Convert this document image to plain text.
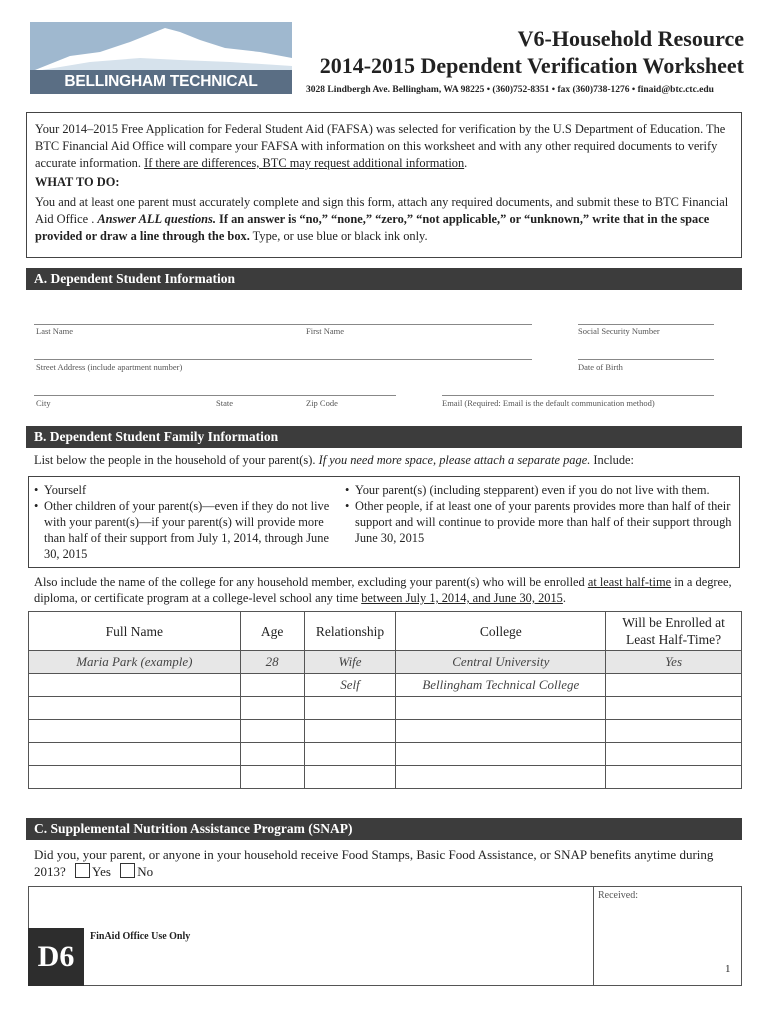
BELLINGHAM TECHNICAL COLLEGE
V6-Household Resource
2014-2015 Dependent Verification Worksheet
3028 Lindbergh Ave. Bellingham, WA 98225 • (360)752-8351 • fax (360)738-1276 • finaid@btc.ctc.edu
Your 2014–2015 Free Application for Federal Student Aid (FAFSA) was selected for verification by the U.S Department of Education. The BTC Financial Aid Office will compare your FAFSA with information on this worksheet and with any other required documents to verify accurate information. If there are differences, BTC may request additional information.
WHAT TO DO:
You and at least one parent must accurately complete and sign this form, attach any required documents, and submit these to BTC Financial Aid Office . Answer ALL questions. If an answer is “no,” “none,” “zero,” “not applicable,” or “unknown,” write that in the space provided or draw a line through the box. Type, or use blue or black ink only.
A. Dependent Student Information
Last Name	First Name	Social Security Number
Street Address (include apartment number)	Date of Birth
City	State	Zip Code	Email (Required: Email is the default communication method)
B. Dependent Student Family Information
List below the people in the household of your parent(s). If you need more space, please attach a separate page. Include:
• Yourself
• Other children of your parent(s)—even if they do not live with your parent(s)—if your parent(s) will provide more than half of their support from July 1, 2014, through June 30, 2015
• Your parent(s) (including stepparent) even if you do not live with them.
• Other people, if at least one of your parents provides more than half of their support and will continue to provide more than half of their support through June 30, 2015
Also include the name of the college for any household member, excluding your parent(s) who will be enrolled at least half-time in a degree, diploma, or certificate program at a college-level school any time between July 1, 2014, and June 30, 2015.
Full Name	Age	Relationship	College	Will be Enrolled at Least Half-Time?
Maria Park (example)	28	Wife	Central University	Yes
		Self	Bellingham Technical College	

C. Supplemental Nutrition Assistance Program (SNAP)
Did you, your parent, or anyone in your household receive Food Stamps, Basic Food Assistance, or SNAP benefits anytime during 2013? Yes No
Received:
D6
FinAid Office Use Only
1
